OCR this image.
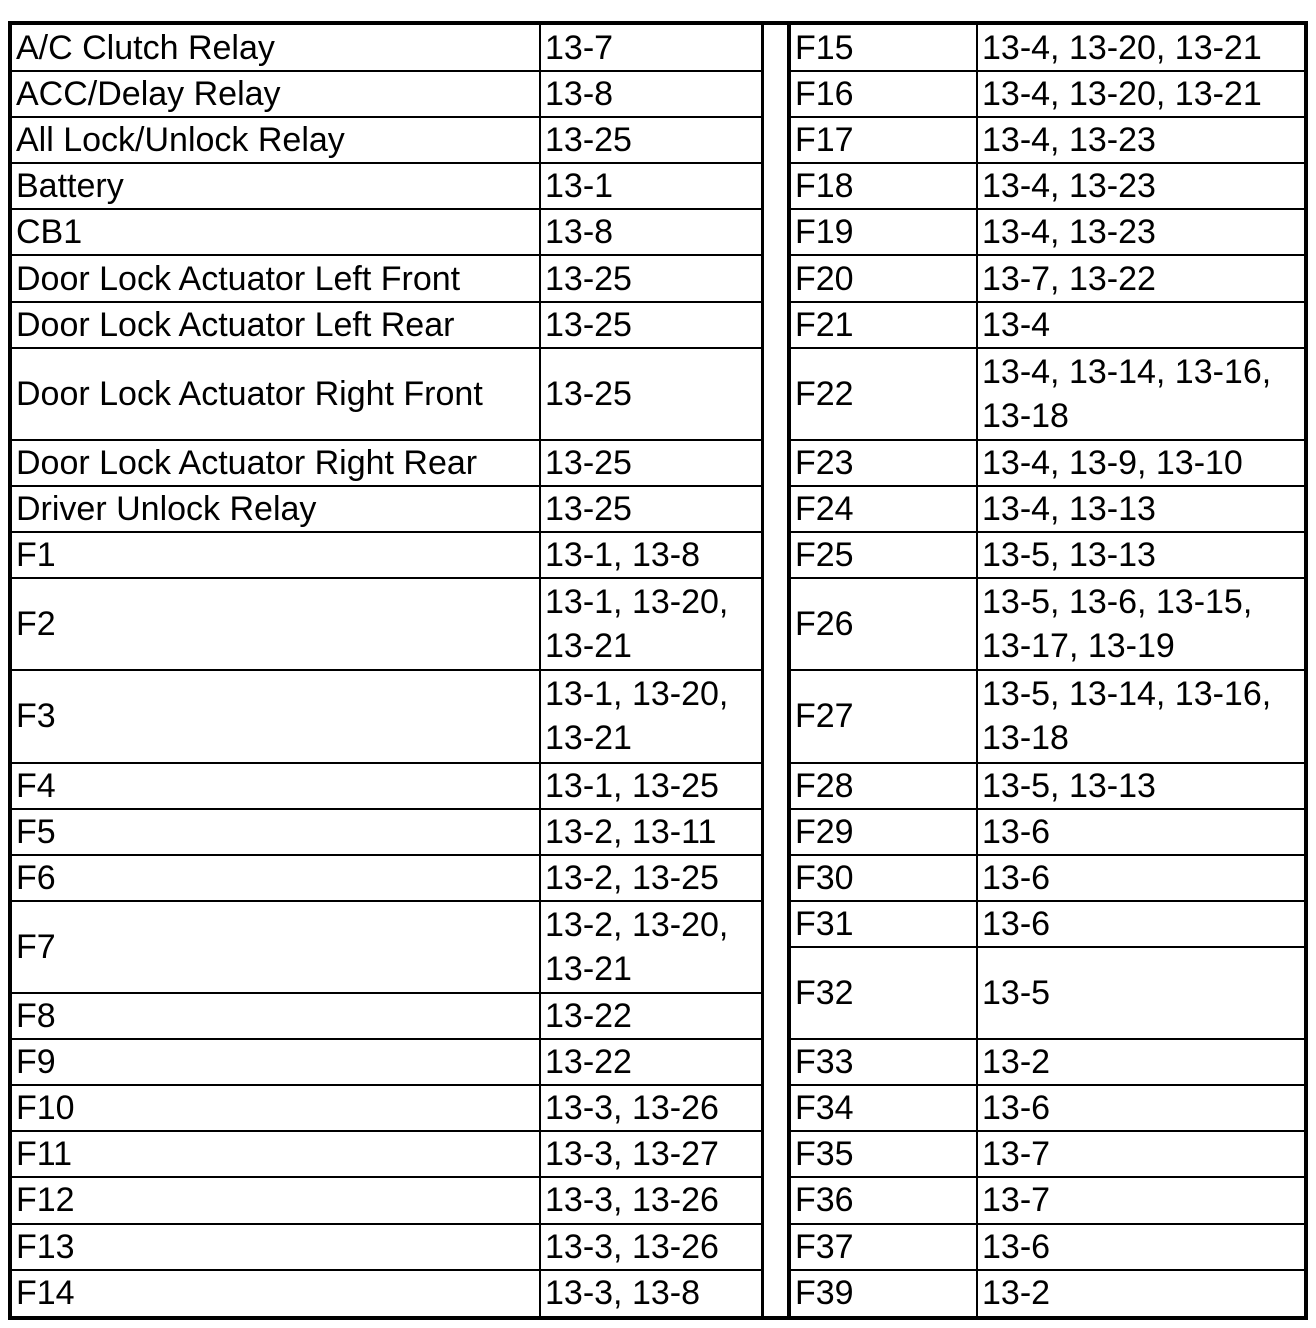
A/C Clutch Relay	13-7
ACC/Delay Relay	13-8
All Lock/Unlock Relay	13-25
Battery	13-1
CB1	13-8
Door Lock Actuator Left Front	13-25
Door Lock Actuator Left Rear	13-25
Door Lock Actuator Right Front	13-25
Door Lock Actuator Right Rear	13-25
Driver Unlock Relay	13-25
F1	13-1, 13-8
F2	13-1, 13-20, 13-21
F3	13-1, 13-20, 13-21
F4	13-1, 13-25
F5	13-2, 13-11
F6	13-2, 13-25
F7	13-2, 13-20, 13-21
F8	13-22
F9	13-22
F10	13-3, 13-26
F11	13-3, 13-27
F12	13-3, 13-26
F13	13-3, 13-26
F14	13-3, 13-8
F15	13-4, 13-20, 13-21
F16	13-4, 13-20, 13-21
F17	13-4, 13-23
F18	13-4, 13-23
F19	13-4, 13-23
F20	13-7, 13-22
F21	13-4
F22	13-4, 13-14, 13-16, 13-18
F23	13-4, 13-9, 13-10
F24	13-4, 13-13
F25	13-5, 13-13
F26	13-5, 13-6, 13-15, 13-17, 13-19
F27	13-5, 13-14, 13-16, 13-18
F28	13-5, 13-13
F29	13-6
F30	13-6
F31	13-6
F32	13-5
F33	13-2
F34	13-6
F35	13-7
F36	13-7
F37	13-6
F39	13-2
